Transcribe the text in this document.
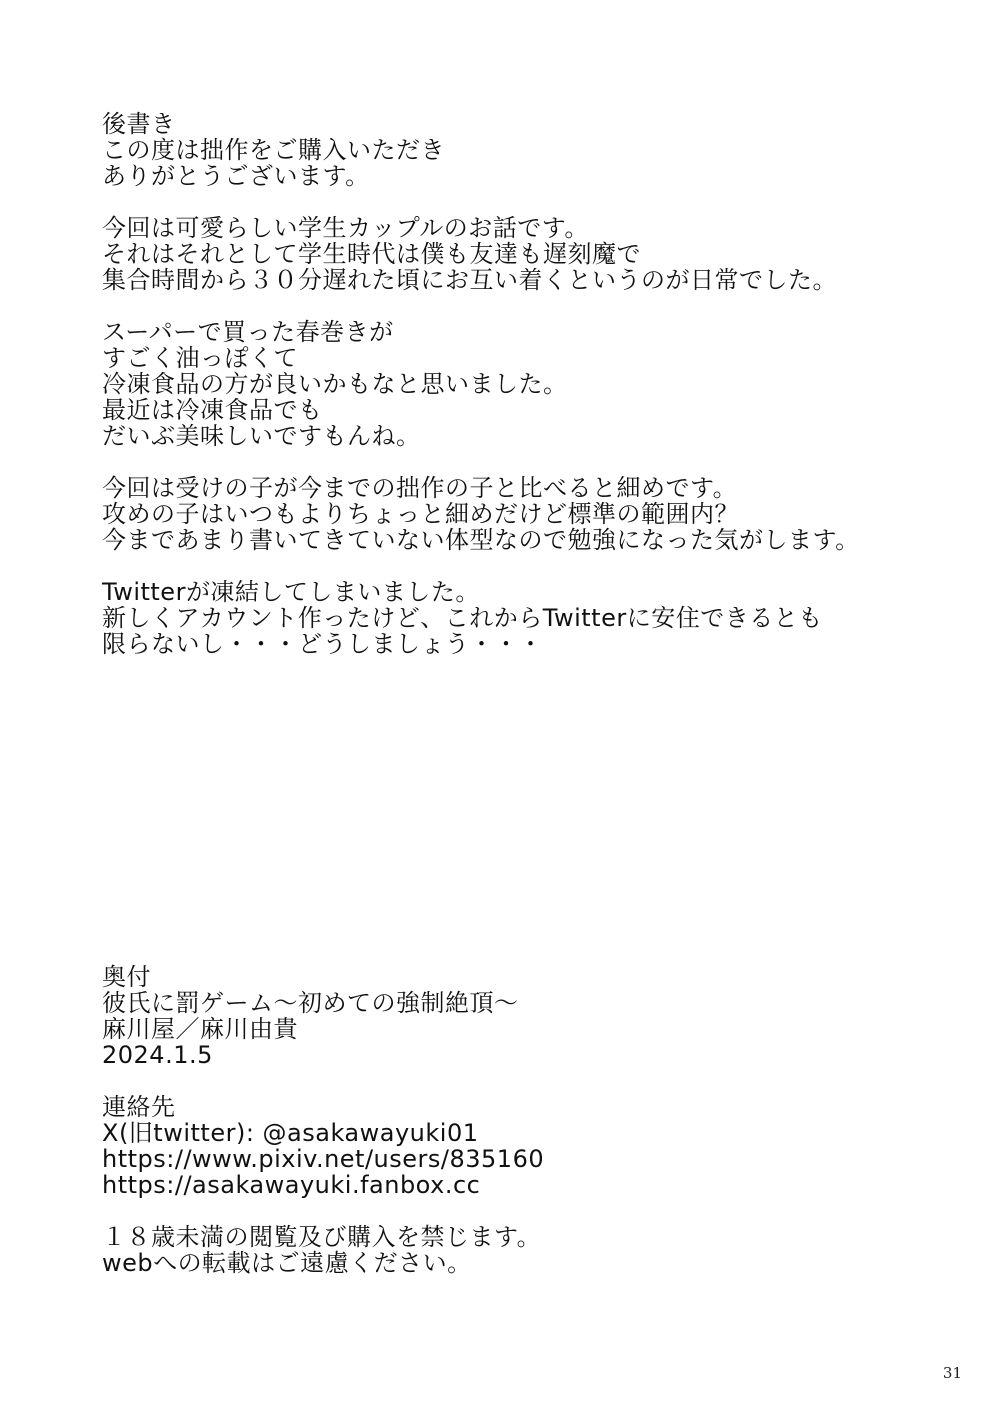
後書き
この度は拙作をご購入いただき
ありがとうございます。
今回は可愛らしい学生カップルのお話です。
それはそれとして学生時代は僕も友達も遅刻魔で
集合時間から３０分遅れた頃にお互い着くというのが日常でした。
スーパーで買った春巻きが
すごく油っぽくて
冷凍食品の方が良いかもなと思いました。
最近は冷凍食品でも
だいぶ美味しいですもんね。
今回は受けの子が今までの拙作の子と比べると細めです。
攻めの子はいつもよりちょっと細めだけど標準の範囲内？
今まであまり書いてきていない体型なので勉強になった気がします。
Twitterが凍結してしまいました。
新しくアカウント作ったけど、これからTwitterに安住できるとも
限らないし・・・どうしましょう・・・
奥付
彼氏に罰ゲーム～初めての強制絶頂～
麻川屋／麻川由貴
2024.1.5
連絡先
X(旧twitter): @asakawayuki01
https://www.pixiv.net/users/835160
https://asakawayuki.fanbox.cc
１８歳未満の閲覧及び購入を禁じます。
webへの転載はご遠慮ください。
31
